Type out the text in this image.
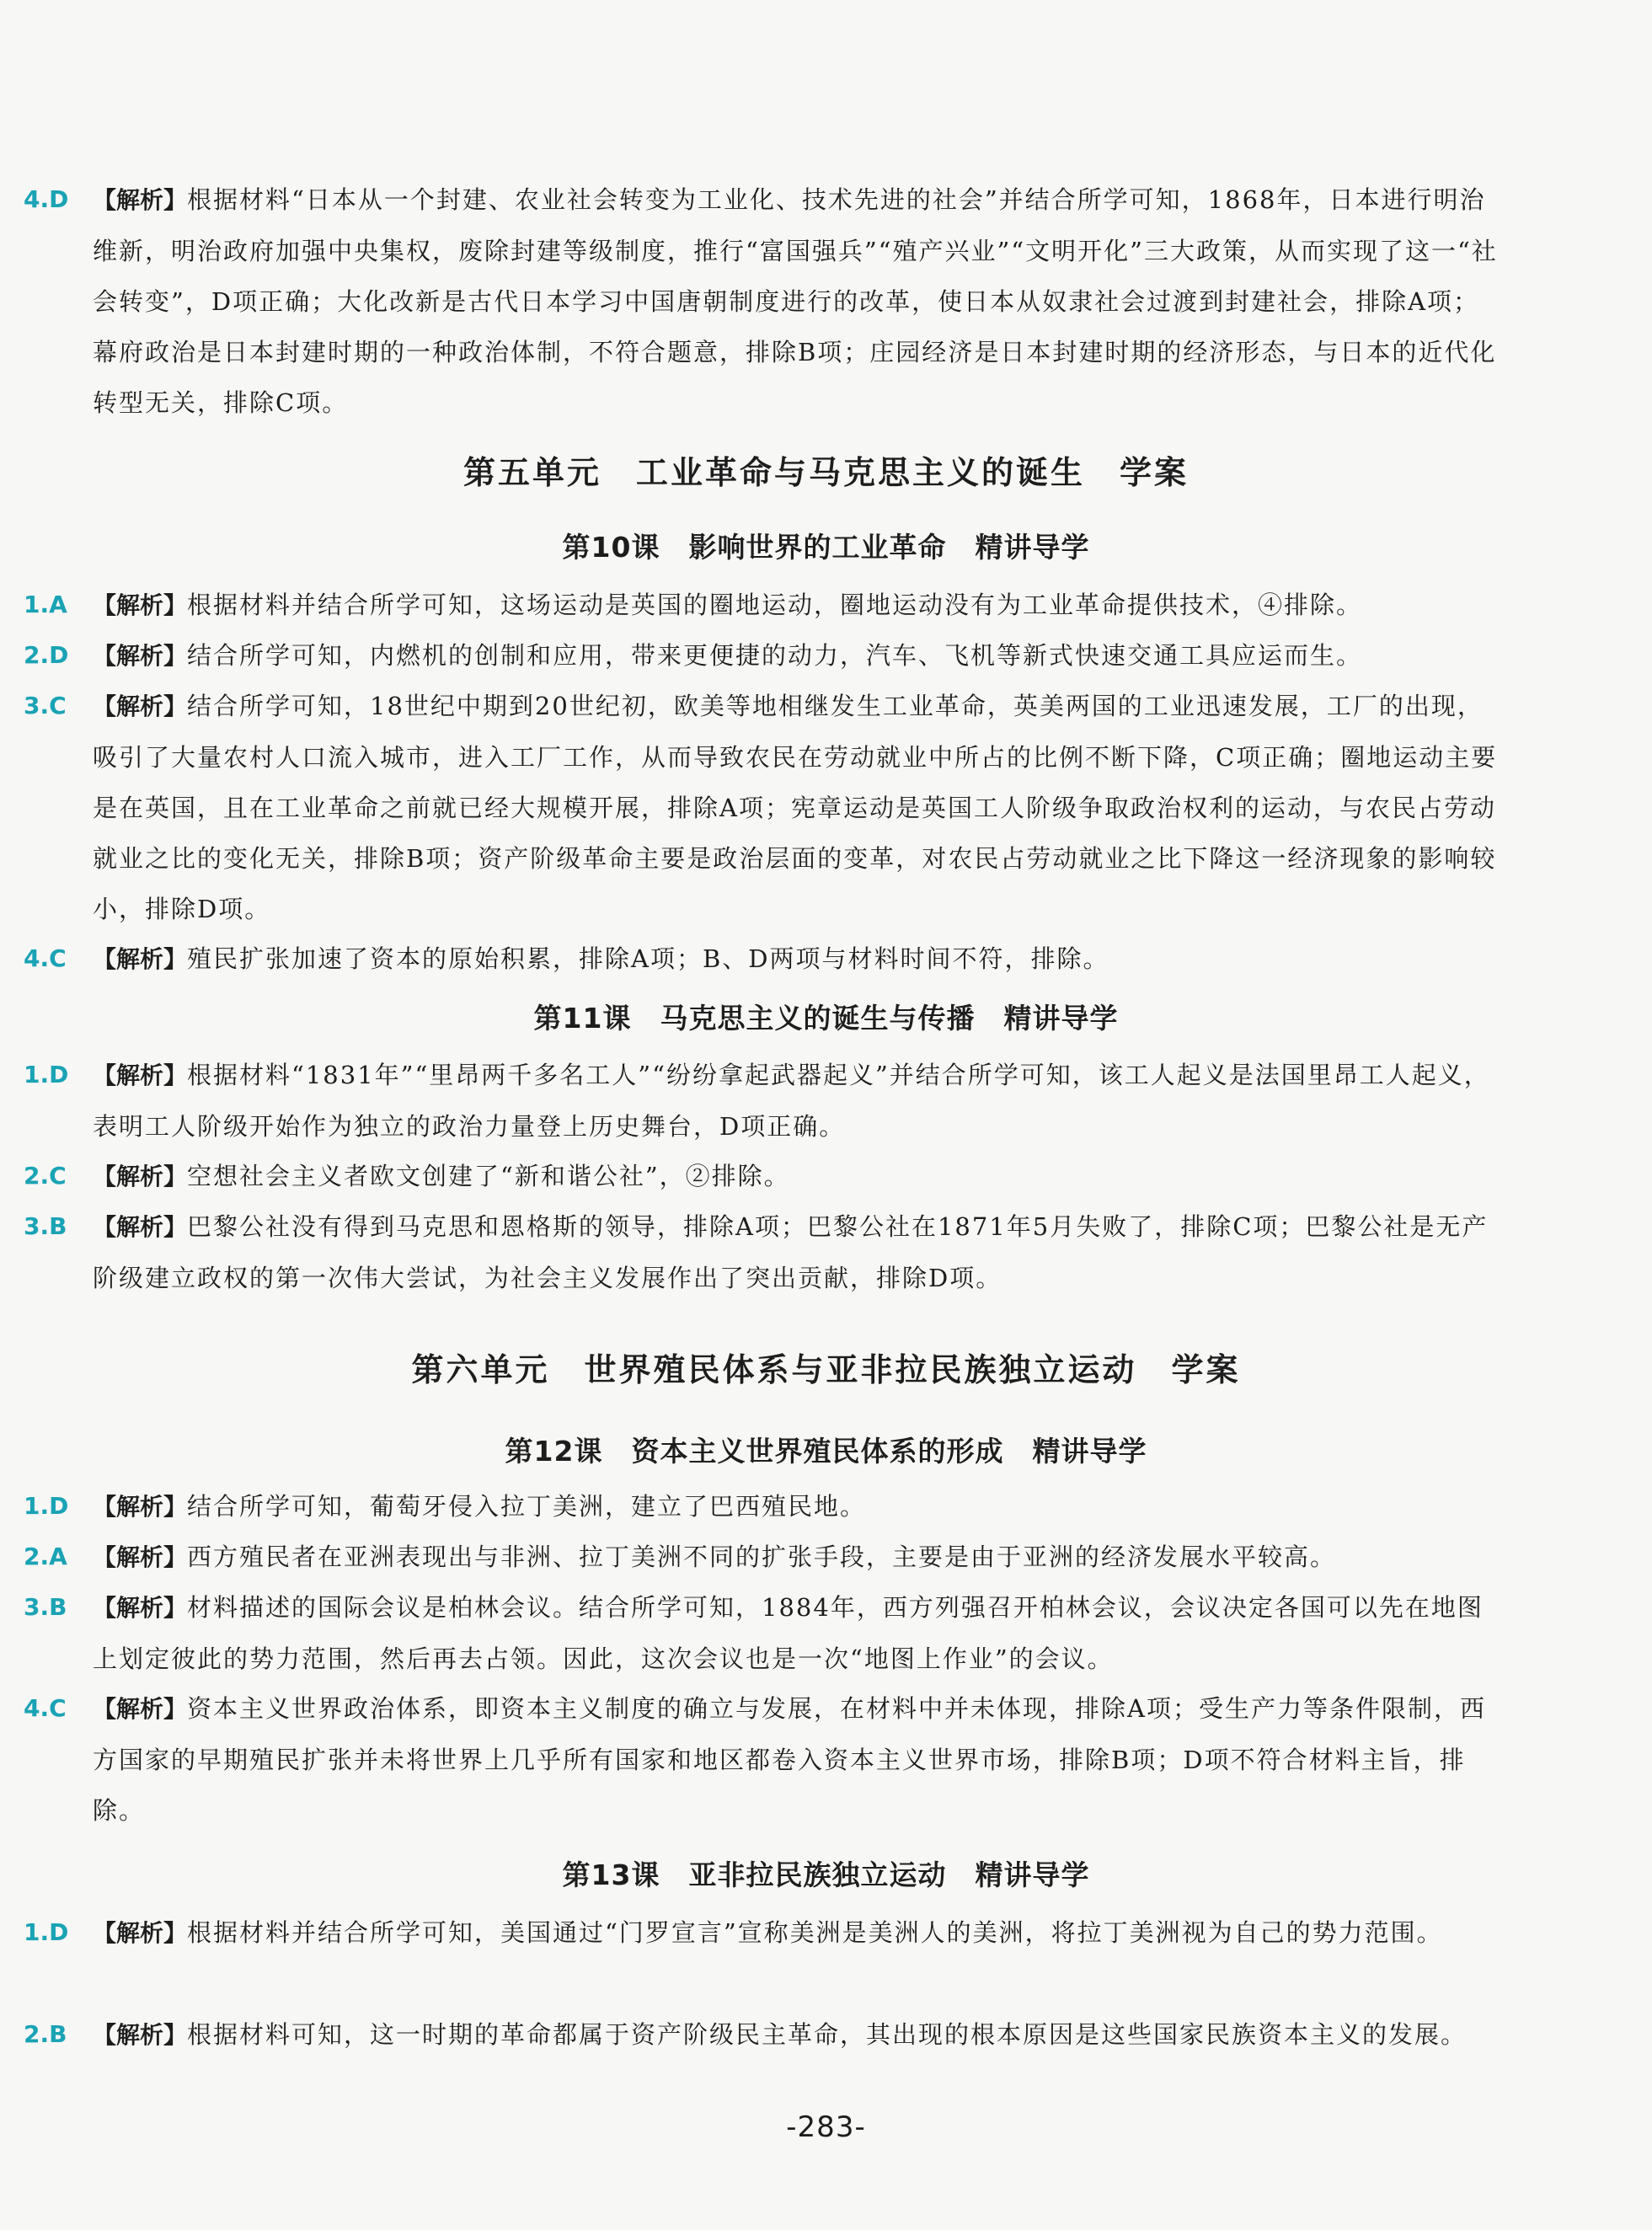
4.D 【解析】根据材料“日本从一个封建、农业社会转变为工业化、技术先进的社会”并结合所学可知，1868年，日本进行明治维新，明治政府加强中央集权，废除封建等级制度，推行“富国强兵”“殖产兴业”“文明开化”三大政策，从而实现了这一“社会转变”，D项正确；大化改新是古代日本学习中国唐朝制度进行的改革，使日本从奴隶社会过渡到封建社会，排除A项；幕府政治是日本封建时期的一种政治体制，不符合题意，排除B项；庄园经济是日本封建时期的经济形态，与日本的近代化转型无关，排除C项。
第五单元　工业革命与马克思主义的诞生　学案
第10课　影响世界的工业革命　精讲导学
1.A 【解析】根据材料并结合所学可知，这场运动是英国的圈地运动，圈地运动没有为工业革命提供技术，④排除。
2.D 【解析】结合所学可知，内燃机的创制和应用，带来更便捷的动力，汽车、飞机等新式快速交通工具应运而生。
3.C 【解析】结合所学可知，18世纪中期到20世纪初，欧美等地相继发生工业革命，英美两国的工业迅速发展，工厂的出现，吸引了大量农村人口流入城市，进入工厂工作，从而导致农民在劳动就业中所占的比例不断下降，C项正确；圈地运动主要是在英国，且在工业革命之前就已经大规模开展，排除A项；宪章运动是英国工人阶级争取政治权利的运动，与农民占劳动就业之比的变化无关，排除B项；资产阶级革命主要是政治层面的变革，对农民占劳动就业之比下降这一经济现象的影响较小，排除D项。
4.C 【解析】殖民扩张加速了资本的原始积累，排除A项；B、D两项与材料时间不符，排除。
第11课　马克思主义的诞生与传播　精讲导学
1.D 【解析】根据材料“1831年”“里昂两千多名工人”“纷纷拿起武器起义”并结合所学可知，该工人起义是法国里昂工人起义，表明工人阶级开始作为独立的政治力量登上历史舞台，D项正确。
2.C 【解析】空想社会主义者欧文创建了“新和谐公社”，②排除。
3.B 【解析】巴黎公社没有得到马克思和恩格斯的领导，排除A项；巴黎公社在1871年5月失败了，排除C项；巴黎公社是无产阶级建立政权的第一次伟大尝试，为社会主义发展作出了突出贡献，排除D项。
第六单元　世界殖民体系与亚非拉民族独立运动　学案
第12课　资本主义世界殖民体系的形成　精讲导学
1.D 【解析】结合所学可知，葡萄牙侵入拉丁美洲，建立了巴西殖民地。
2.A 【解析】西方殖民者在亚洲表现出与非洲、拉丁美洲不同的扩张手段，主要是由于亚洲的经济发展水平较高。
3.B 【解析】材料描述的国际会议是柏林会议。结合所学可知，1884年，西方列强召开柏林会议，会议决定各国可以先在地图上划定彼此的势力范围，然后再去占领。因此，这次会议也是一次“地图上作业”的会议。
4.C 【解析】资本主义世界政治体系，即资本主义制度的确立与发展，在材料中并未体现，排除A项；受生产力等条件限制，西方国家的早期殖民扩张并未将世界上几乎所有国家和地区都卷入资本主义世界市场，排除B项；D项不符合材料主旨，排除。
第13课　亚非拉民族独立运动　精讲导学
1.D 【解析】根据材料并结合所学可知，美国通过“门罗宣言”宣称美洲是美洲人的美洲，将拉丁美洲视为自己的势力范围。
2.B 【解析】根据材料可知，这一时期的革命都属于资产阶级民主革命，其出现的根本原因是这些国家民族资本主义的发展。
-283-
